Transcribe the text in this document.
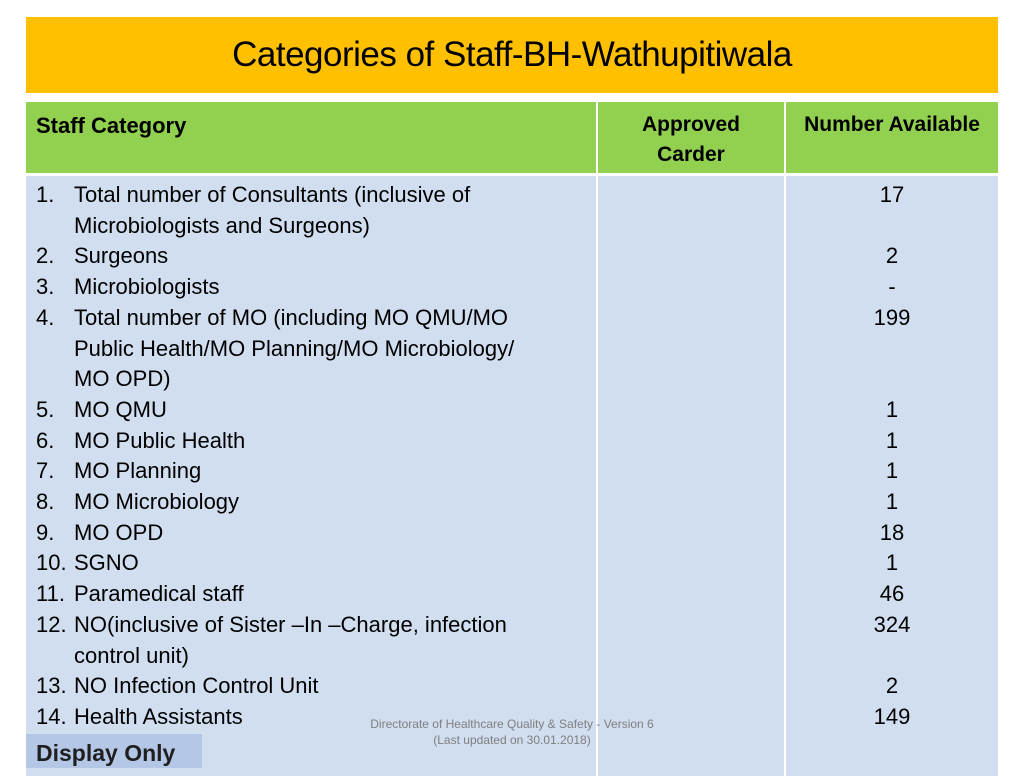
Categories of Staff-BH-Wathupitiwala
Staff Category	Approved
Carder
Number Available
1. Total number of Consultants (inclusive of Microbiologists and Surgeons)
2. Surgeons
3. Microbiologists
4. Total number of MO (including MO QMU/MO Public Health/MO Planning/MO Microbiology/ MO OPD)
5. MO QMU
6. MO Public Health
7. MO Planning
8. MO Microbiology
9. MO OPD
10. SGNO
11. Paramedical staff
12. NO(inclusive of Sister –In –Charge, infection control unit)
13. NO Infection Control Unit
14. Health Assistants
17
2
-
199
1
1
1
1
18
1
46
324
2
149
Directorate of Healthcare Quality & Safety - Version 6
(Last updated on 30.01.2018)
Display Only
